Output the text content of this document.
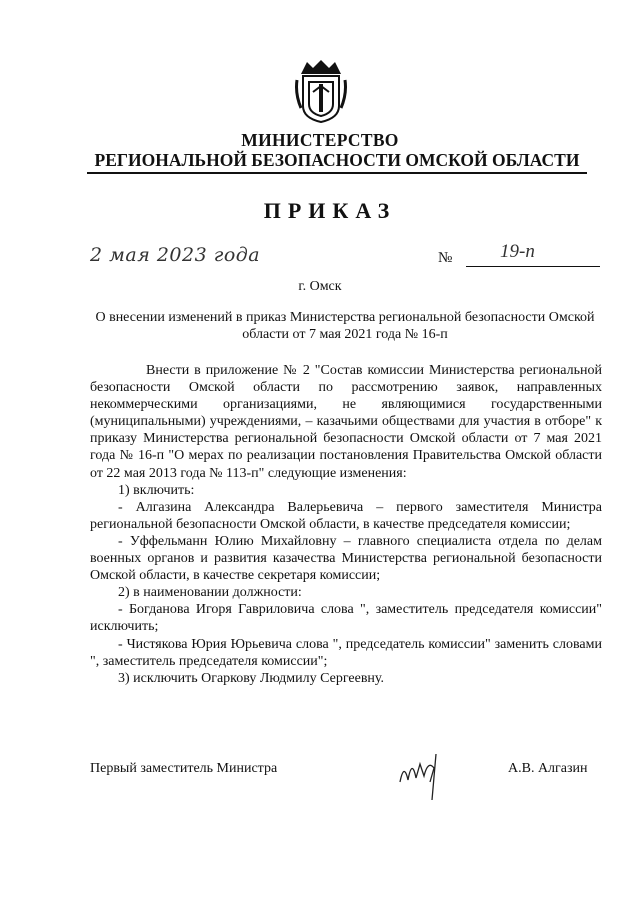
МИНИСТЕРСТВО
РЕГИОНАЛЬНОЙ БЕЗОПАСНОСТИ ОМСКОЙ ОБЛАСТИ
ПРИКАЗ
2 мая 2023 года	№	19-п
г. Омск
О внесении изменений в приказ Министерства региональной безопасности Омской области от 7 мая 2021 года № 16-п

Внести в приложение № 2 "Состав комиссии Министерства региональной безопасности Омской области по рассмотрению заявок, направленных некоммерческими организациями, не являющимися государственными (муниципальными) учреждениями, – казачьими обществами для участия в отборе" к приказу Министерства региональной безопасности Омской области от 7 мая 2021 года № 16-п "О мерах по реализации постановления Правительства Омской области от 22 мая 2013 года № 113-п" следующие изменения:

1) включить:

- Алгазина Александра Валерьевича – первого заместителя Министра региональной безопасности Омской области, в качестве председателя комиссии;

- Уффельманн Юлию Михайловну – главного специалиста отдела по делам военных органов и развития казачества Министерства региональной безопасности Омской области, в качестве секретаря комиссии;

2) в наименовании должности:

- Богданова Игоря Гавриловича слова ", заместитель председателя комиссии" исключить;

- Чистякова Юрия Юрьевича слова ", председатель комиссии" заменить словами ", заместитель председателя комиссии";

3) исключить Огаркову Людмилу Сергеевну.

Первый заместитель Министра	А.В. Алгазин
